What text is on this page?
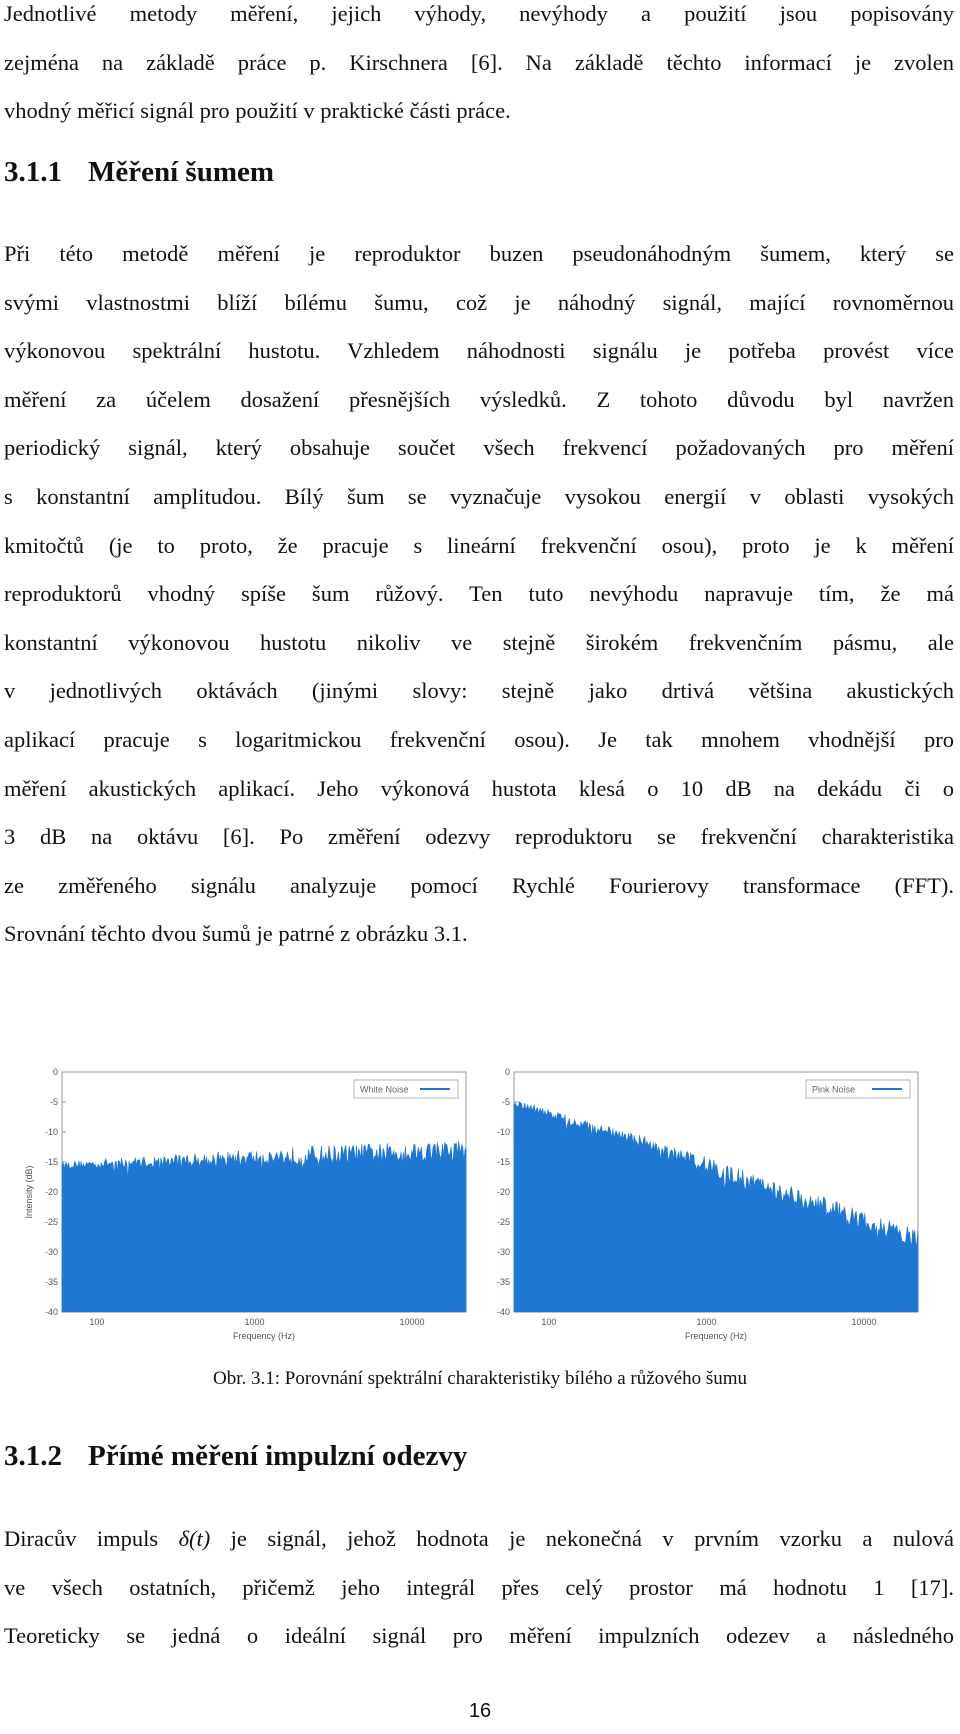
Jednotlivé metody měření, jejich výhody, nevýhody a použití jsou popisovány
zejména na základě práce p. Kirschnera [6]. Na základě těchto informací je zvolen
vhodný měřicí signál pro použití v praktické části práce.
3.1.1 Měření šumem
Při této metodě měření je reproduktor buzen pseudonáhodným šumem, který se
svými vlastnostmi blíží bílému šumu, což je náhodný signál, mající rovnoměrnou
výkonovou spektrální hustotu. Vzhledem náhodnosti signálu je potřeba provést více
měření za účelem dosažení přesnějších výsledků. Z tohoto důvodu byl navržen
periodický signál, který obsahuje součet všech frekvencí požadovaných pro měření
s konstantní amplitudou. Bílý šum se vyznačuje vysokou energií v oblasti vysokých
kmitočtů (je to proto, že pracuje s lineární frekvenční osou), proto je k měření
reproduktorů vhodný spíše šum růžový. Ten tuto nevýhodu napravuje tím, že má
konstantní výkonovou hustotu nikoliv ve stejně širokém frekvenčním pásmu, ale
v jednotlivých oktávách (jinými slovy: stejně jako drtivá většina akustických
aplikací pracuje s logaritmickou frekvenční osou). Je tak mnohem vhodnější pro
měření akustických aplikací. Jeho výkonová hustota klesá o 10 dB na dekádu či o
3 dB na oktávu [6]. Po změření odezvy reproduktoru se frekvenční charakteristika
ze změřeného signálu analyzuje pomocí Rychlé Fourierovy transformace (FFT).
Srovnání těchto dvou šumů je patrné z obrázku 3.1.
0
-5
-10
-15
-20
-25
-30
-35
-40
100	1000	10000
Frequency (Hz)
Intensity (dB)
White Noise
0
-5
-10
-15
-20
-25
-30
-35
-40
100	1000	10000
Frequency (Hz)
Pink Noise
Obr. 3.1: Porovnání spektrální charakteristiky bílého a růžového šumu
3.1.2 Přímé měření impulzní odezvy
Diracův impuls δ(t) je signál, jehož hodnota je nekonečná v prvním vzorku a nulová
ve všech ostatních, přičemž jeho integrál přes celý prostor má hodnotu 1 [17].
Teoreticky se jedná o ideální signál pro měření impulzních odezev a následného
16
